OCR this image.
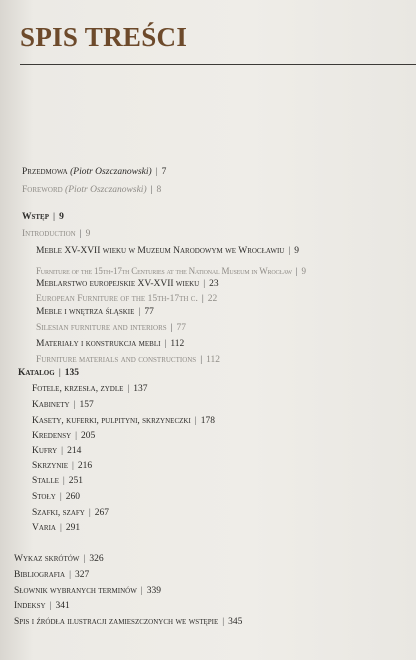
SPIS TREŚCI
Przedmowa (Piotr Oszczanowski) | 7
Foreword (Piotr Oszczanowski) | 8
Wstęp | 9
Introduction | 9
Meble XV-XVII wieku w Muzeum Narodowym we Wrocławiu | 9
Furniture of the 15th-17th Centuries at the National Museum in Wrocław | 9
Meblarstwo europejskie XV-XVII wieku | 23
European Furniture of the 15th-17th c. | 22
Meble i wnętrza śląskie | 77
Silesian furniture and interiors | 77
Materiały i konstrukcja mebli | 112
Furniture materials and constructions | 112
Katalog | 135
Fotele, krzesła, zydle | 137
Kabinety | 157
Kasety, kuferki, pulpityni, skrzyneczki | 178
Kredensy | 205
Kufry | 214
Skrzynie | 216
Stalle | 251
Stoły | 260
Szafki, szafy | 267
Varia | 291
Wykaz skrótów | 326
Bibliografia | 327
Słownik wybranych terminów | 339
Indeksy | 341
Spis i źródła ilustracji zamieszczonych we wstępie | 345
